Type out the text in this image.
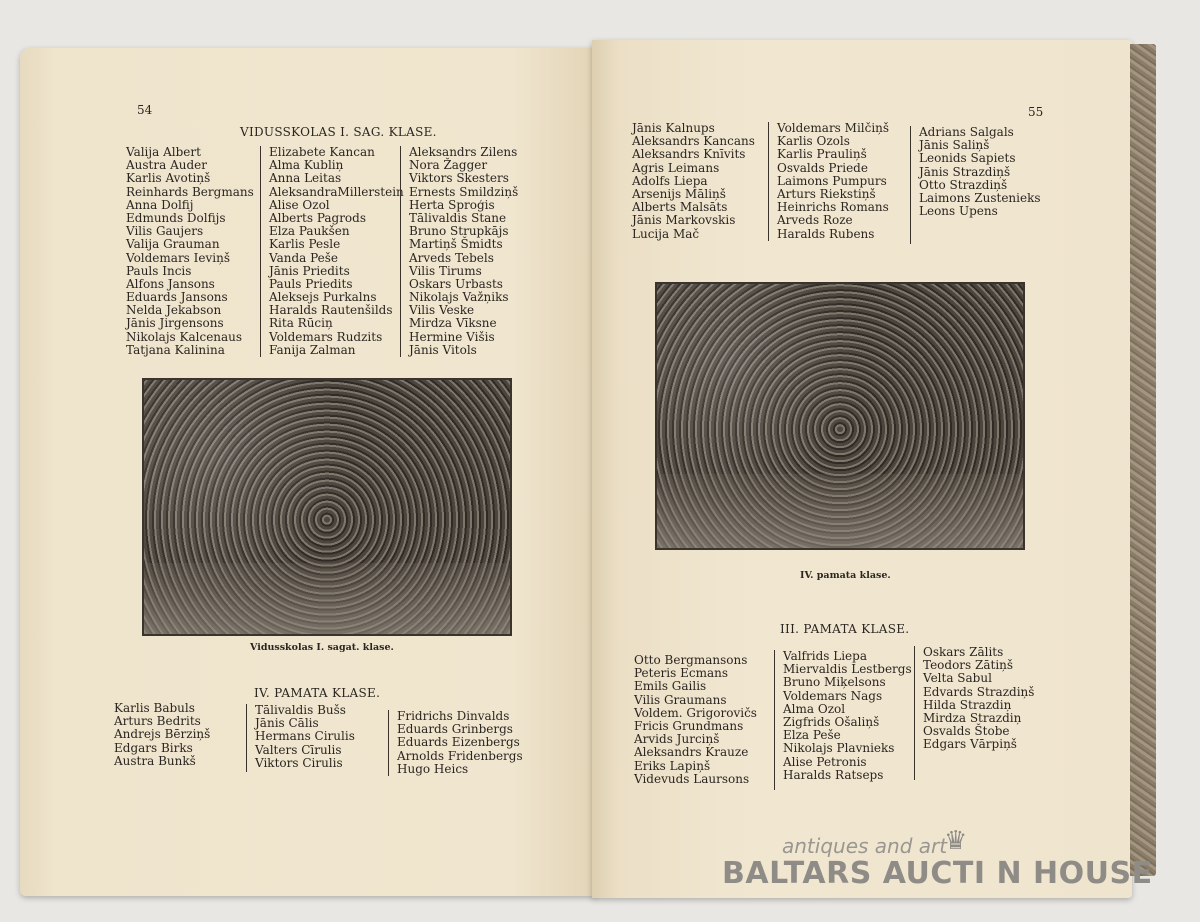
54
VIDUSSKOLAS I. SAG. KLASE.
Valija Albert
Austra Auder
Karlis Avotiņš
Reinhards Bergmans
Anna Dolfij
Edmunds Dolfijs
Vilis Gaujers
Valija Grauman
Voldemars Ieviņš
Pauls Incis
Alfons Jansons
Eduards Jansons
Nelda Jekabson
Jānis Jirgensons
Nikolajs Kalcenaus
Tatjana Kalinina
Elizabete Kancan
Alma Kubliņ
Anna Leitas
AleksandraMillerstein
Alise Ozol
Alberts Pagrods
Elza Paukšen
Karlis Pesle
Vanda Peše
Jānis Priedits
Pauls Priedits
Aleksejs Purkalns
Haralds Rautenšilds
Rita Rūciņ
Voldemars Rudzits
Fanija Zalman
Aleksandrs Zilens
Nora Žagger
Viktors Skesters
Ernests Smildziņš
Herta Sproģis
Tālivaldis Stane
Bruno Strupkājs
Martiņš Šmidts
Arveds Tebels
Vilis Tirums
Oskars Urbasts
Nikolajs Važņiks
Vilis Veske
Mirdza Vīksne
Hermine Višis
Jānis Vitols
Vidusskolas I. sagat. klase.
IV. PAMATA KLASE.
Karlis Babuls
Arturs Bedrits
Andrejs Bērziņš
Edgars Birks
Austra Bunkš
Tālivaldis Bušs
Jānis Cālis
Hermans Cirulis
Valters Cīrulis
Viktors Cirulis
Fridrichs Dinvalds
Eduards Grinbergs
Eduards Eizenbergs
Arnolds Fridenbergs
Hugo Heics
55
Jānis Kalnups
Aleksandrs Kancans
Aleksandrs Knīvits
Agris Leimans
Adolfs Liepa
Arsenijs Māliņš
Alberts Malsāts
Jānis Markovskis
Lucija Mač
Voldemars Milčiņš
Karlis Ozols
Karlis Prauliņš
Osvalds Priede
Laimons Pumpurs
Arturs Riekstiņš
Heinrichs Romans
Arveds Roze
Haralds Rubens
Adrians Salgals
Jānis Saliņš
Leonids Sapiets
Jānis Strazdiņš
Otto Strazdiņš
Laimons Zustenieks
Leons Upens
IV. pamata klase.
III. PAMATA KLASE.
Otto Bergmansons
Peteris Ecmans
Emils Gailis
Vilis Graumans
Voldem. Grigorovičs
Fricis Grundmans
Arvids Jurciņš
Aleksandrs Krauze
Eriks Lapiņš
Videvuds Laursons
Valfrids Liepa
Miervaldis Lestbergs
Bruno Miķelsons
Voldemars Nags
Alma Ozol
Zigfrids Ošaliņš
Elza Peše
Nikolajs Plavnieks
Alise Petronis
Haralds Ratseps
Oskars Zālits
Teodors Zātiņš
Velta Sabul
Edvards Strazdiņš
Hilda Strazdiņ
Mirdza Strazdiņ
Osvalds Štobe
Edgars Vārpiņš
antiques and art
♛
BALTARS AUCTI N HOUSE
